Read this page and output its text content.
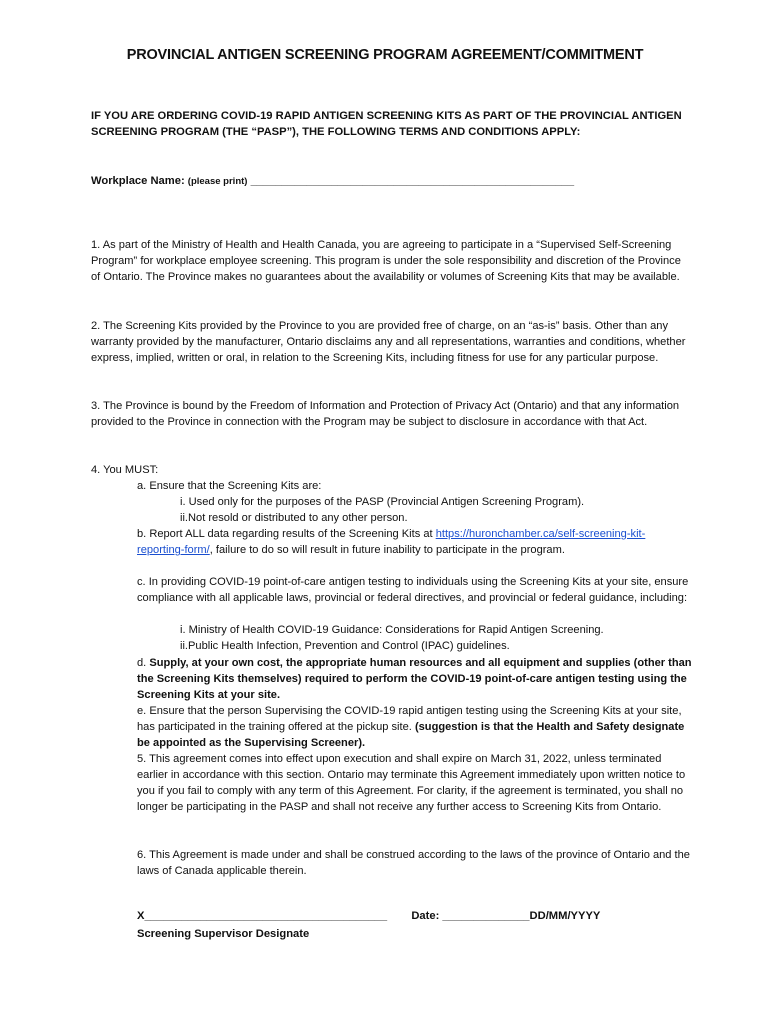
PROVINCIAL ANTIGEN SCREENING PROGRAM AGREEMENT/COMMITMENT
IF YOU ARE ORDERING COVID-19 RAPID ANTIGEN SCREENING KITS AS PART OF THE PROVINCIAL ANTIGEN SCREENING PROGRAM (THE “PASP”), THE FOLLOWING TERMS AND CONDITIONS APPLY:
Workplace Name: (please print) ____________________________________________________

1. As part of the Ministry of Health and Health Canada, you are agreeing to participate in a “Supervised Self-Screening Program” for workplace employee screening. This program is under the sole responsibility and discretion of the Province of Ontario. The Province makes no guarantees about the availability or volumes of Screening Kits that may be available.

2. The Screening Kits provided by the Province to you are provided free of charge, on an “as-is” basis. Other than any warranty provided by the manufacturer, Ontario disclaims any and all representations, warranties and conditions, whether express, implied, written or oral, in relation to the Screening Kits, including fitness for use for any particular purpose.

3. The Province is bound by the Freedom of Information and Protection of Privacy Act (Ontario) and that any information provided to the Province in connection with the Program may be subject to disclosure in accordance with that Act.

4. You MUST:

a. Ensure that the Screening Kits are:

i. Used only for the purposes of the PASP (Provincial Antigen Screening Program).

ii.Not resold or distributed to any other person.

b. Report ALL data regarding results of the Screening Kits at https://huronchamber.ca/self-screening-kit-reporting-form/, failure to do so will result in future inability to participate in the program.

c. In providing COVID-19 point-of-care antigen testing to individuals using the Screening Kits at your site, ensure compliance with all applicable laws, provincial or federal directives, and provincial or federal guidance, including:

i. Ministry of Health COVID-19 Guidance: Considerations for Rapid Antigen Screening.

ii.Public Health Infection, Prevention and Control (IPAC) guidelines.

d. Supply, at your own cost, the appropriate human resources and all equipment and supplies (other than the Screening Kits themselves) required to perform the COVID-19 point-of-care antigen testing using the Screening Kits at your site.

e. Ensure that the person Supervising the COVID-19 rapid antigen testing using the Screening Kits at your site, has participated in the training offered at the pickup site. (suggestion is that the Health and Safety designate be appointed as the Supervising Screener).

5. This agreement comes into effect upon execution and shall expire on March 31, 2022, unless terminated earlier in accordance with this section. Ontario may terminate this Agreement immediately upon written notice to you if you fail to comply with any term of this Agreement. For clarity, if the agreement is terminated, you shall no longer be participating in the PASP and shall not receive any further access to Screening Kits from Ontario.

6. This Agreement is made under and shall be construed according to the laws of the province of Ontario and the laws of Canada applicable therein.

X_______________________________________ Date: ______________DD/MM/YYYY
Screening Supervisor Designate
